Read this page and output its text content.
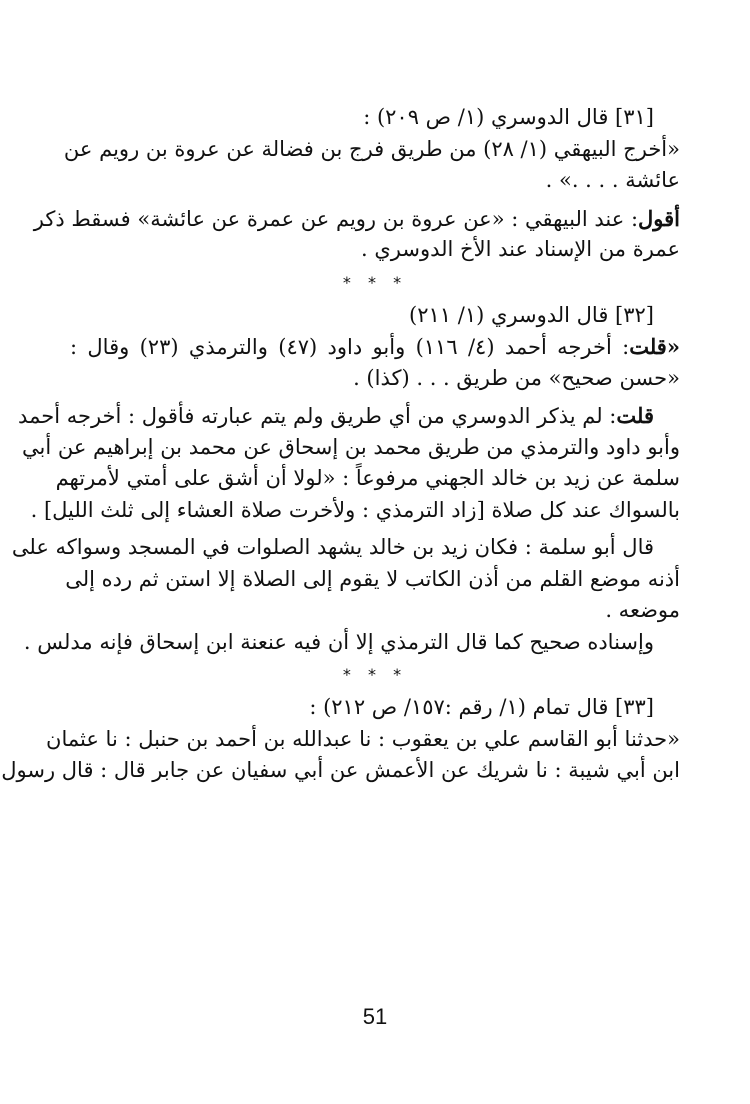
[٣١] قال الدوسري (١/ ص ٢٠٩) :
«أخرج البيهقي (١/ ٢٨) من طريق فرج بن فضالة عن عروة بن رويم عن
عائشة . . . .» .
أقول: عند البيهقي : «عن عروة بن رويم عن عمرة عن عائشة» فسقط ذكر
عمرة من الإسناد عند الأخ الدوسري .
* * *
[٣٢] قال الدوسري (١/ ٢١١)
«قلت: أخرجه أحمد (٤/ ١١٦) وأبو داود (٤٧) والترمذي (٢٣) وقال :
«حسن صحيح» من طريق . . . (كذا) .
قلت: لم يذكر الدوسري من أي طريق ولم يتم عبارته فأقول : أخرجه أحمد
وأبو داود والترمذي من طريق محمد بن إسحاق عن محمد بن إبراهيم عن أبي
سلمة عن زيد بن خالد الجهني مرفوعاً : «لولا أن أشق على أمتي لأمرتهم
بالسواك عند كل صلاة [زاد الترمذي : ولأخرت صلاة العشاء إلى ثلث الليل] .
قال أبو سلمة : فكان زيد بن خالد يشهد الصلوات في المسجد وسواكه على
أذنه موضع القلم من أذن الكاتب لا يقوم إلى الصلاة إلا استن ثم رده إلى
موضعه .
وإسناده صحيح كما قال الترمذي إلا أن فيه عنعنة ابن إسحاق فإنه مدلس .
* * *
[٣٣] قال تمام (١/ رقم :١٥٧/ ص ٢١٢) :
«حدثنا أبو القاسم علي بن يعقوب : نا عبدالله بن أحمد بن حنبل : نا عثمان
ابن أبي شيبة : نا شريك عن الأعمش عن أبي سفيان عن جابر قال : قال رسول
51
